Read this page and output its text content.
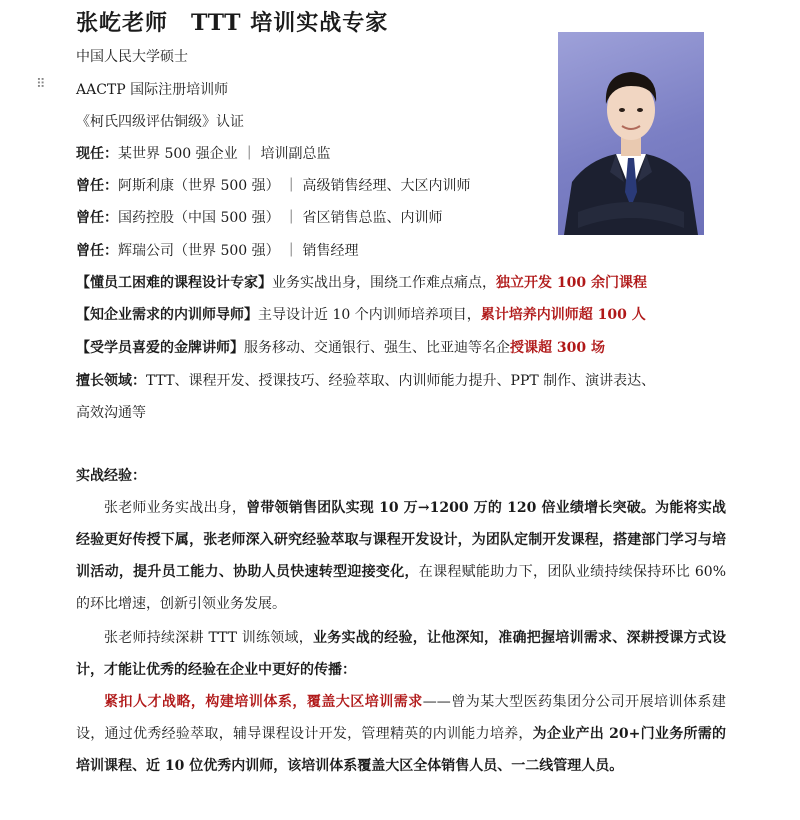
张屹老师　TTT 培训实战专家
⠿
中国人民大学硕士
AACTP 国际注册培训师
《柯氏四级评估铜级》认证
现任：某世界 500 强企业 ｜ 培训副总监
曾任：阿斯利康（世界 500 强） ｜ 高级销售经理、大区内训师
曾任：国药控股（中国 500 强） ｜ 省区销售总监、内训师
曾任：辉瑞公司（世界 500 强） ｜ 销售经理
【懂员工困难的课程设计专家】业务实战出身，围绕工作难点痛点，独立开发 100 余门课程
【知企业需求的内训师导师】主导设计近 10 个内训师培养项目，累计培养内训师超 100 人
【受学员喜爱的金牌讲师】服务移动、交通银行、强生、比亚迪等名企授课超 300 场
擅长领域：TTT、课程开发、授课技巧、经验萃取、内训师能力提升、PPT 制作、演讲表达、
高效沟通等
实战经验：
张老师业务实战出身，曾带领销售团队实现 10 万→1200 万的 120 倍业绩增长突破。为能将实战经验更好传授下属，张老师深入研究经验萃取与课程开发设计，为团队定制开发课程，搭建部门学习与培训活动，提升员工能力、协助人员快速转型迎接变化，在课程赋能助力下，团队业绩持续保持环比 60%的环比增速，创新引领业务发展。
张老师持续深耕 TTT 训练领域，业务实战的经验，让他深知，准确把握培训需求、深耕授课方式设计，才能让优秀的经验在企业中更好的传播：
紧扣人才战略，构建培训体系，覆盖大区培训需求——曾为某大型医药集团分公司开展培训体系建设，通过优秀经验萃取，辅导课程设计开发，管理精英的内训能力培养，为企业产出 20+门业务所需的培训课程、近 10 位优秀内训师，该培训体系覆盖大区全体销售人员、一二线管理人员。
